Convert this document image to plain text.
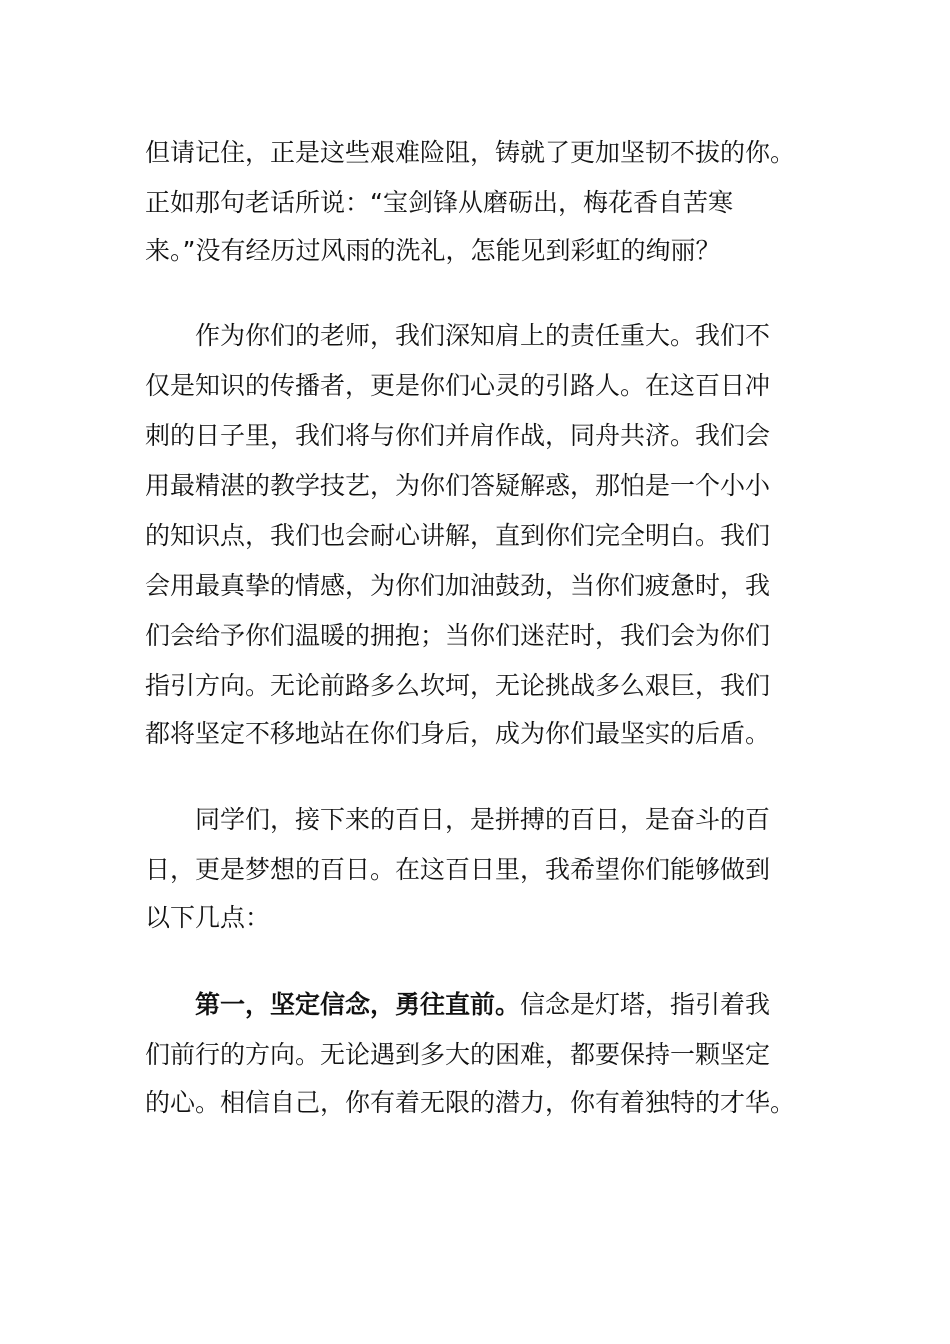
但请记住，正是这些艰难险阻，铸就了更加坚韧不拔的你。
正如那句老话所说：“宝剑锋从磨砺出，梅花香自苦寒
来。”没有经历过风雨的洗礼，怎能见到彩虹的绚丽？
作为你们的老师，我们深知肩上的责任重大。我们不
仅是知识的传播者，更是你们心灵的引路人。在这百日冲
刺的日子里，我们将与你们并肩作战，同舟共济。我们会
用最精湛的教学技艺，为你们答疑解惑，那怕是一个小小
的知识点，我们也会耐心讲解，直到你们完全明白。我们
会用最真挚的情感，为你们加油鼓劲，当你们疲惫时，我
们会给予你们温暖的拥抱；当你们迷茫时，我们会为你们
指引方向。无论前路多么坎坷，无论挑战多么艰巨，我们
都将坚定不移地站在你们身后，成为你们最坚实的后盾。
同学们，接下来的百日，是拼搏的百日，是奋斗的百
日，更是梦想的百日。在这百日里，我希望你们能够做到
以下几点：
第一，坚定信念，勇往直前。信念是灯塔，指引着我
们前行的方向。无论遇到多大的困难，都要保持一颗坚定
的心。相信自己，你有着无限的潜力，你有着独特的才华。
